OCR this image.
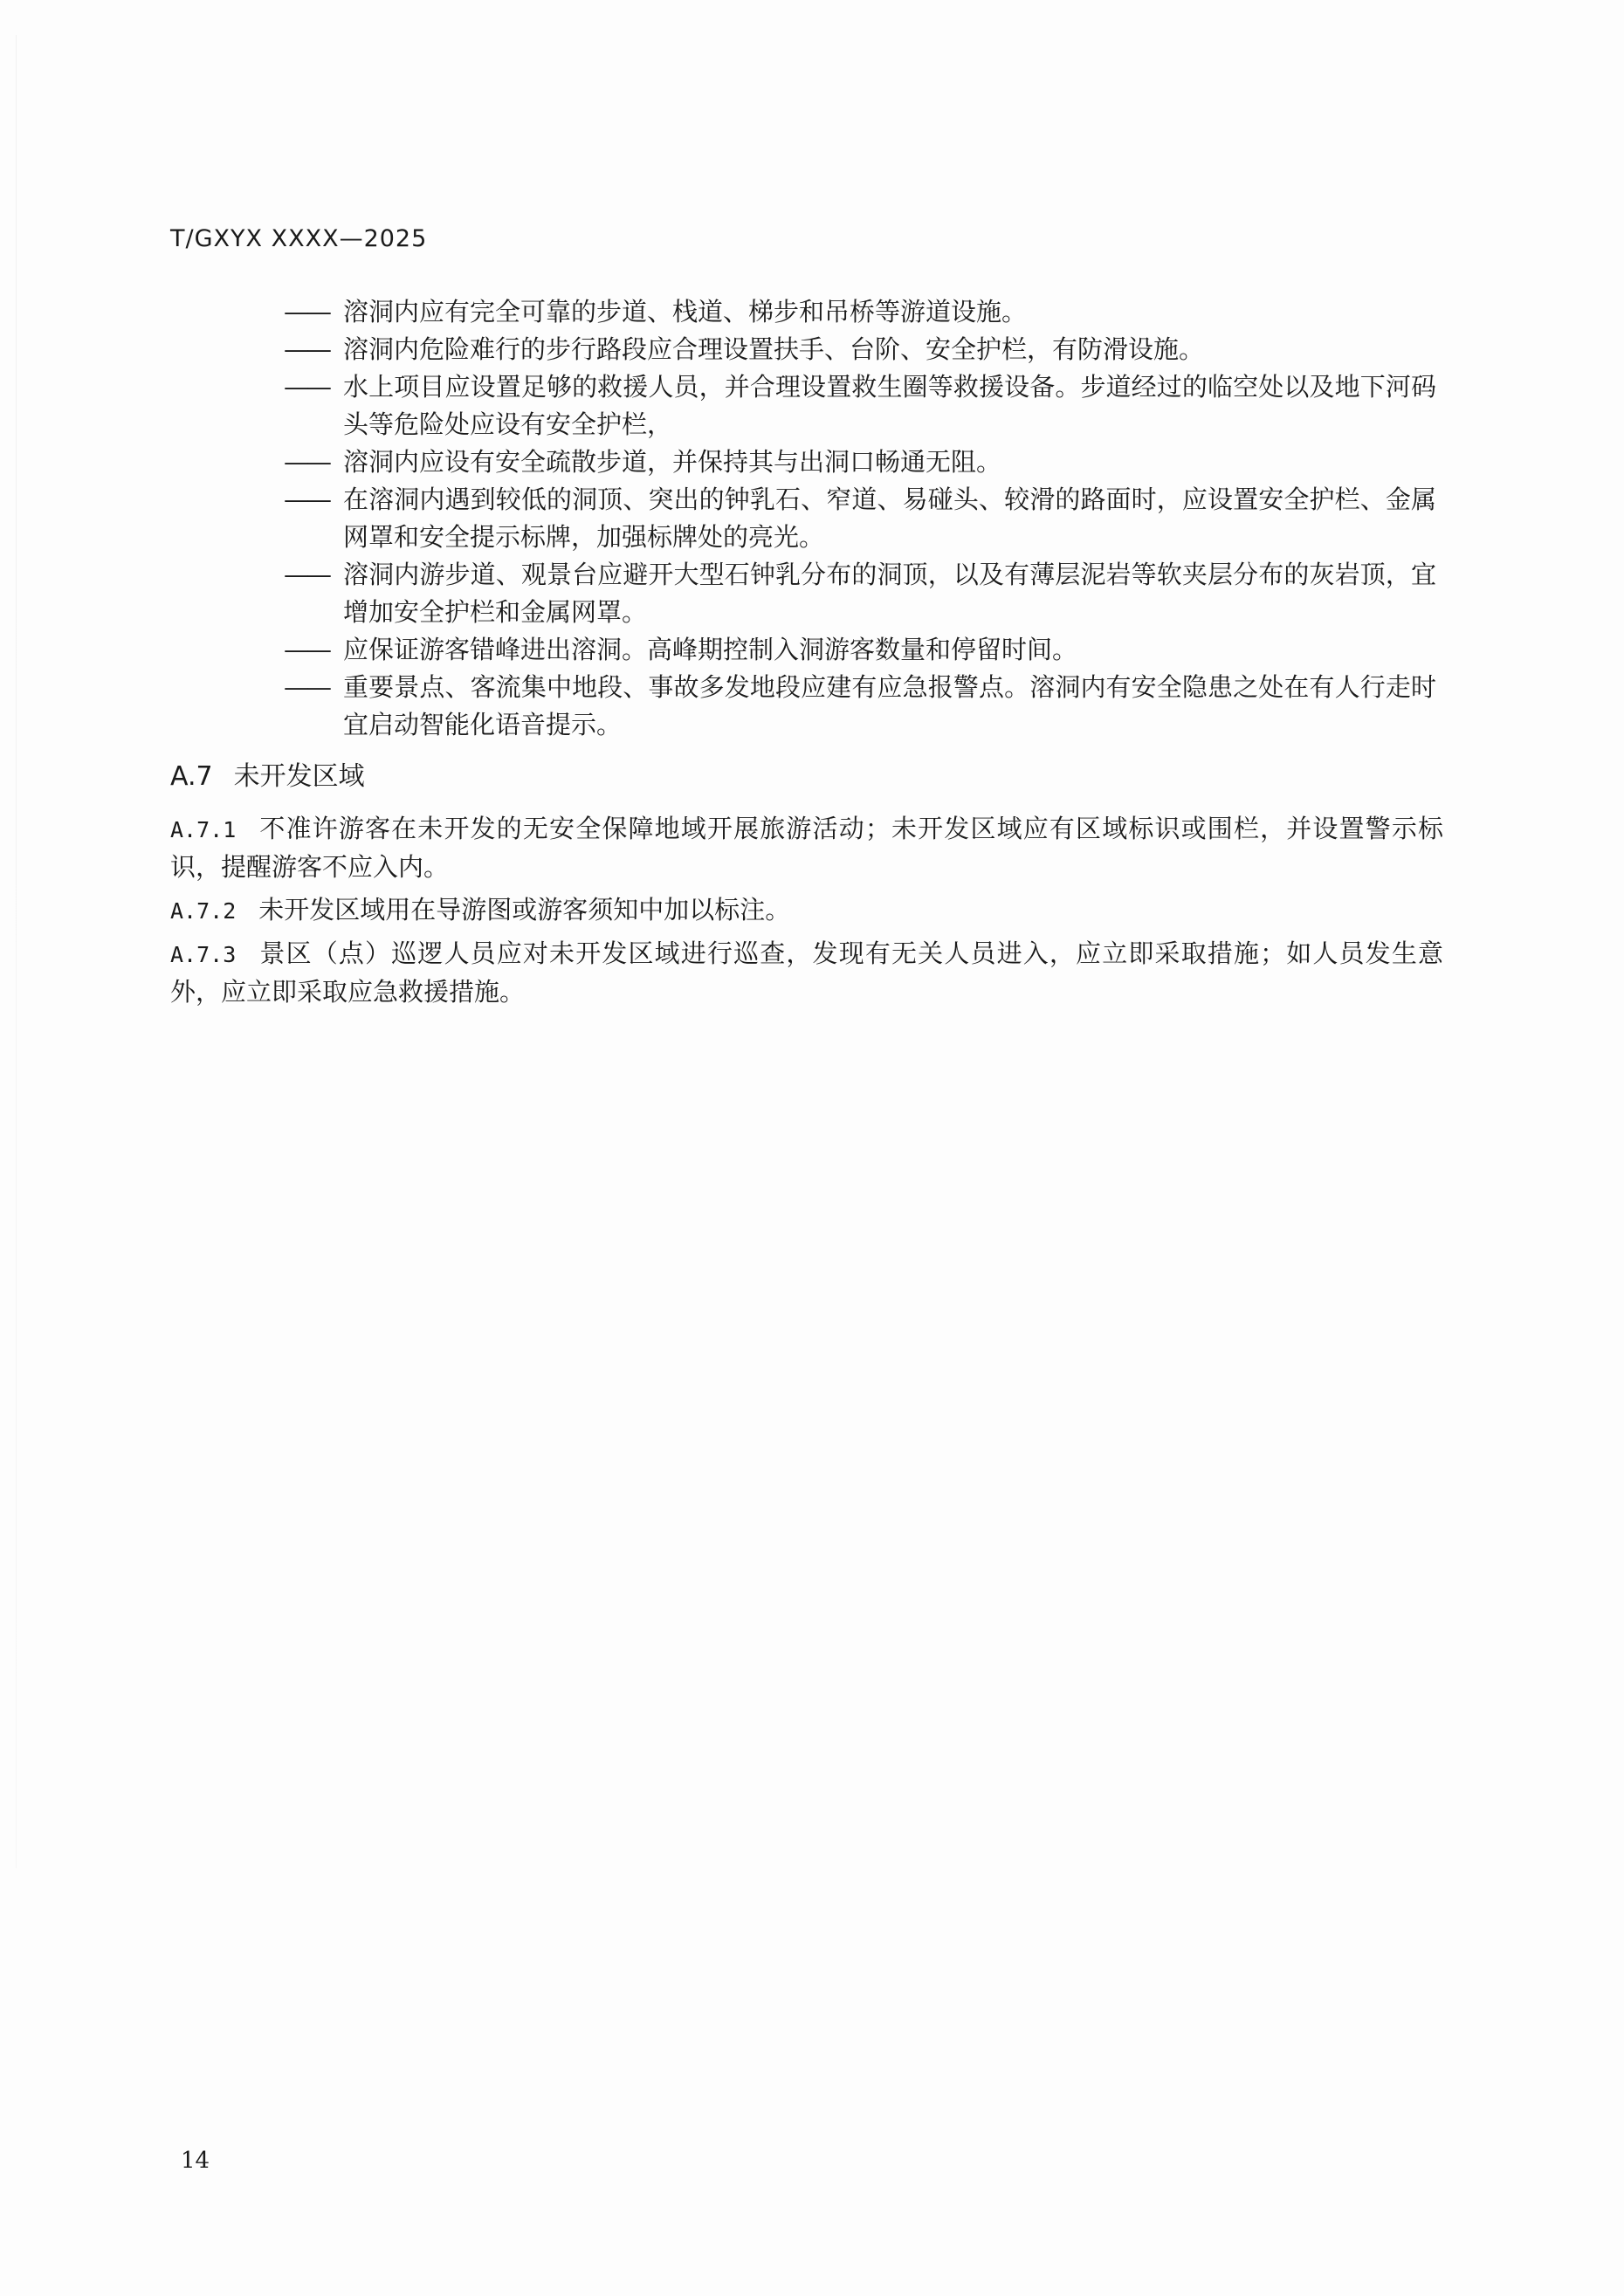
T/GXYX XXXX—2025
—— 溶洞内应有完全可靠的步道、栈道、梯步和吊桥等游道设施。
—— 溶洞内危险难行的步行路段应合理设置扶手、台阶、安全护栏，有防滑设施。
—— 水上项目应设置足够的救援人员，并合理设置救生圈等救援设备。步道经过的临空处以及地下河码头等危险处应设有安全护栏，
—— 溶洞内应设有安全疏散步道，并保持其与出洞口畅通无阻。
—— 在溶洞内遇到较低的洞顶、突出的钟乳石、窄道、易碰头、较滑的路面时，应设置安全护栏、金属网罩和安全提示标牌，加强标牌处的亮光。
—— 溶洞内游步道、观景台应避开大型石钟乳分布的洞顶，以及有薄层泥岩等软夹层分布的灰岩顶，宜增加安全护栏和金属网罩。
—— 应保证游客错峰进出溶洞。高峰期控制入洞游客数量和停留时间。
—— 重要景点、客流集中地段、事故多发地段应建有应急报警点。溶洞内有安全隐患之处在有人行走时宜启动智能化语音提示。
A.7 未开发区域
A.7.1 不准许游客在未开发的无安全保障地域开展旅游活动；未开发区域应有区域标识或围栏，并设置警示标识，提醒游客不应入内。
A.7.2 未开发区域用在导游图或游客须知中加以标注。
A.7.3 景区（点）巡逻人员应对未开发区域进行巡查，发现有无关人员进入，应立即采取措施；如人员发生意外，应立即采取应急救援措施。
14
